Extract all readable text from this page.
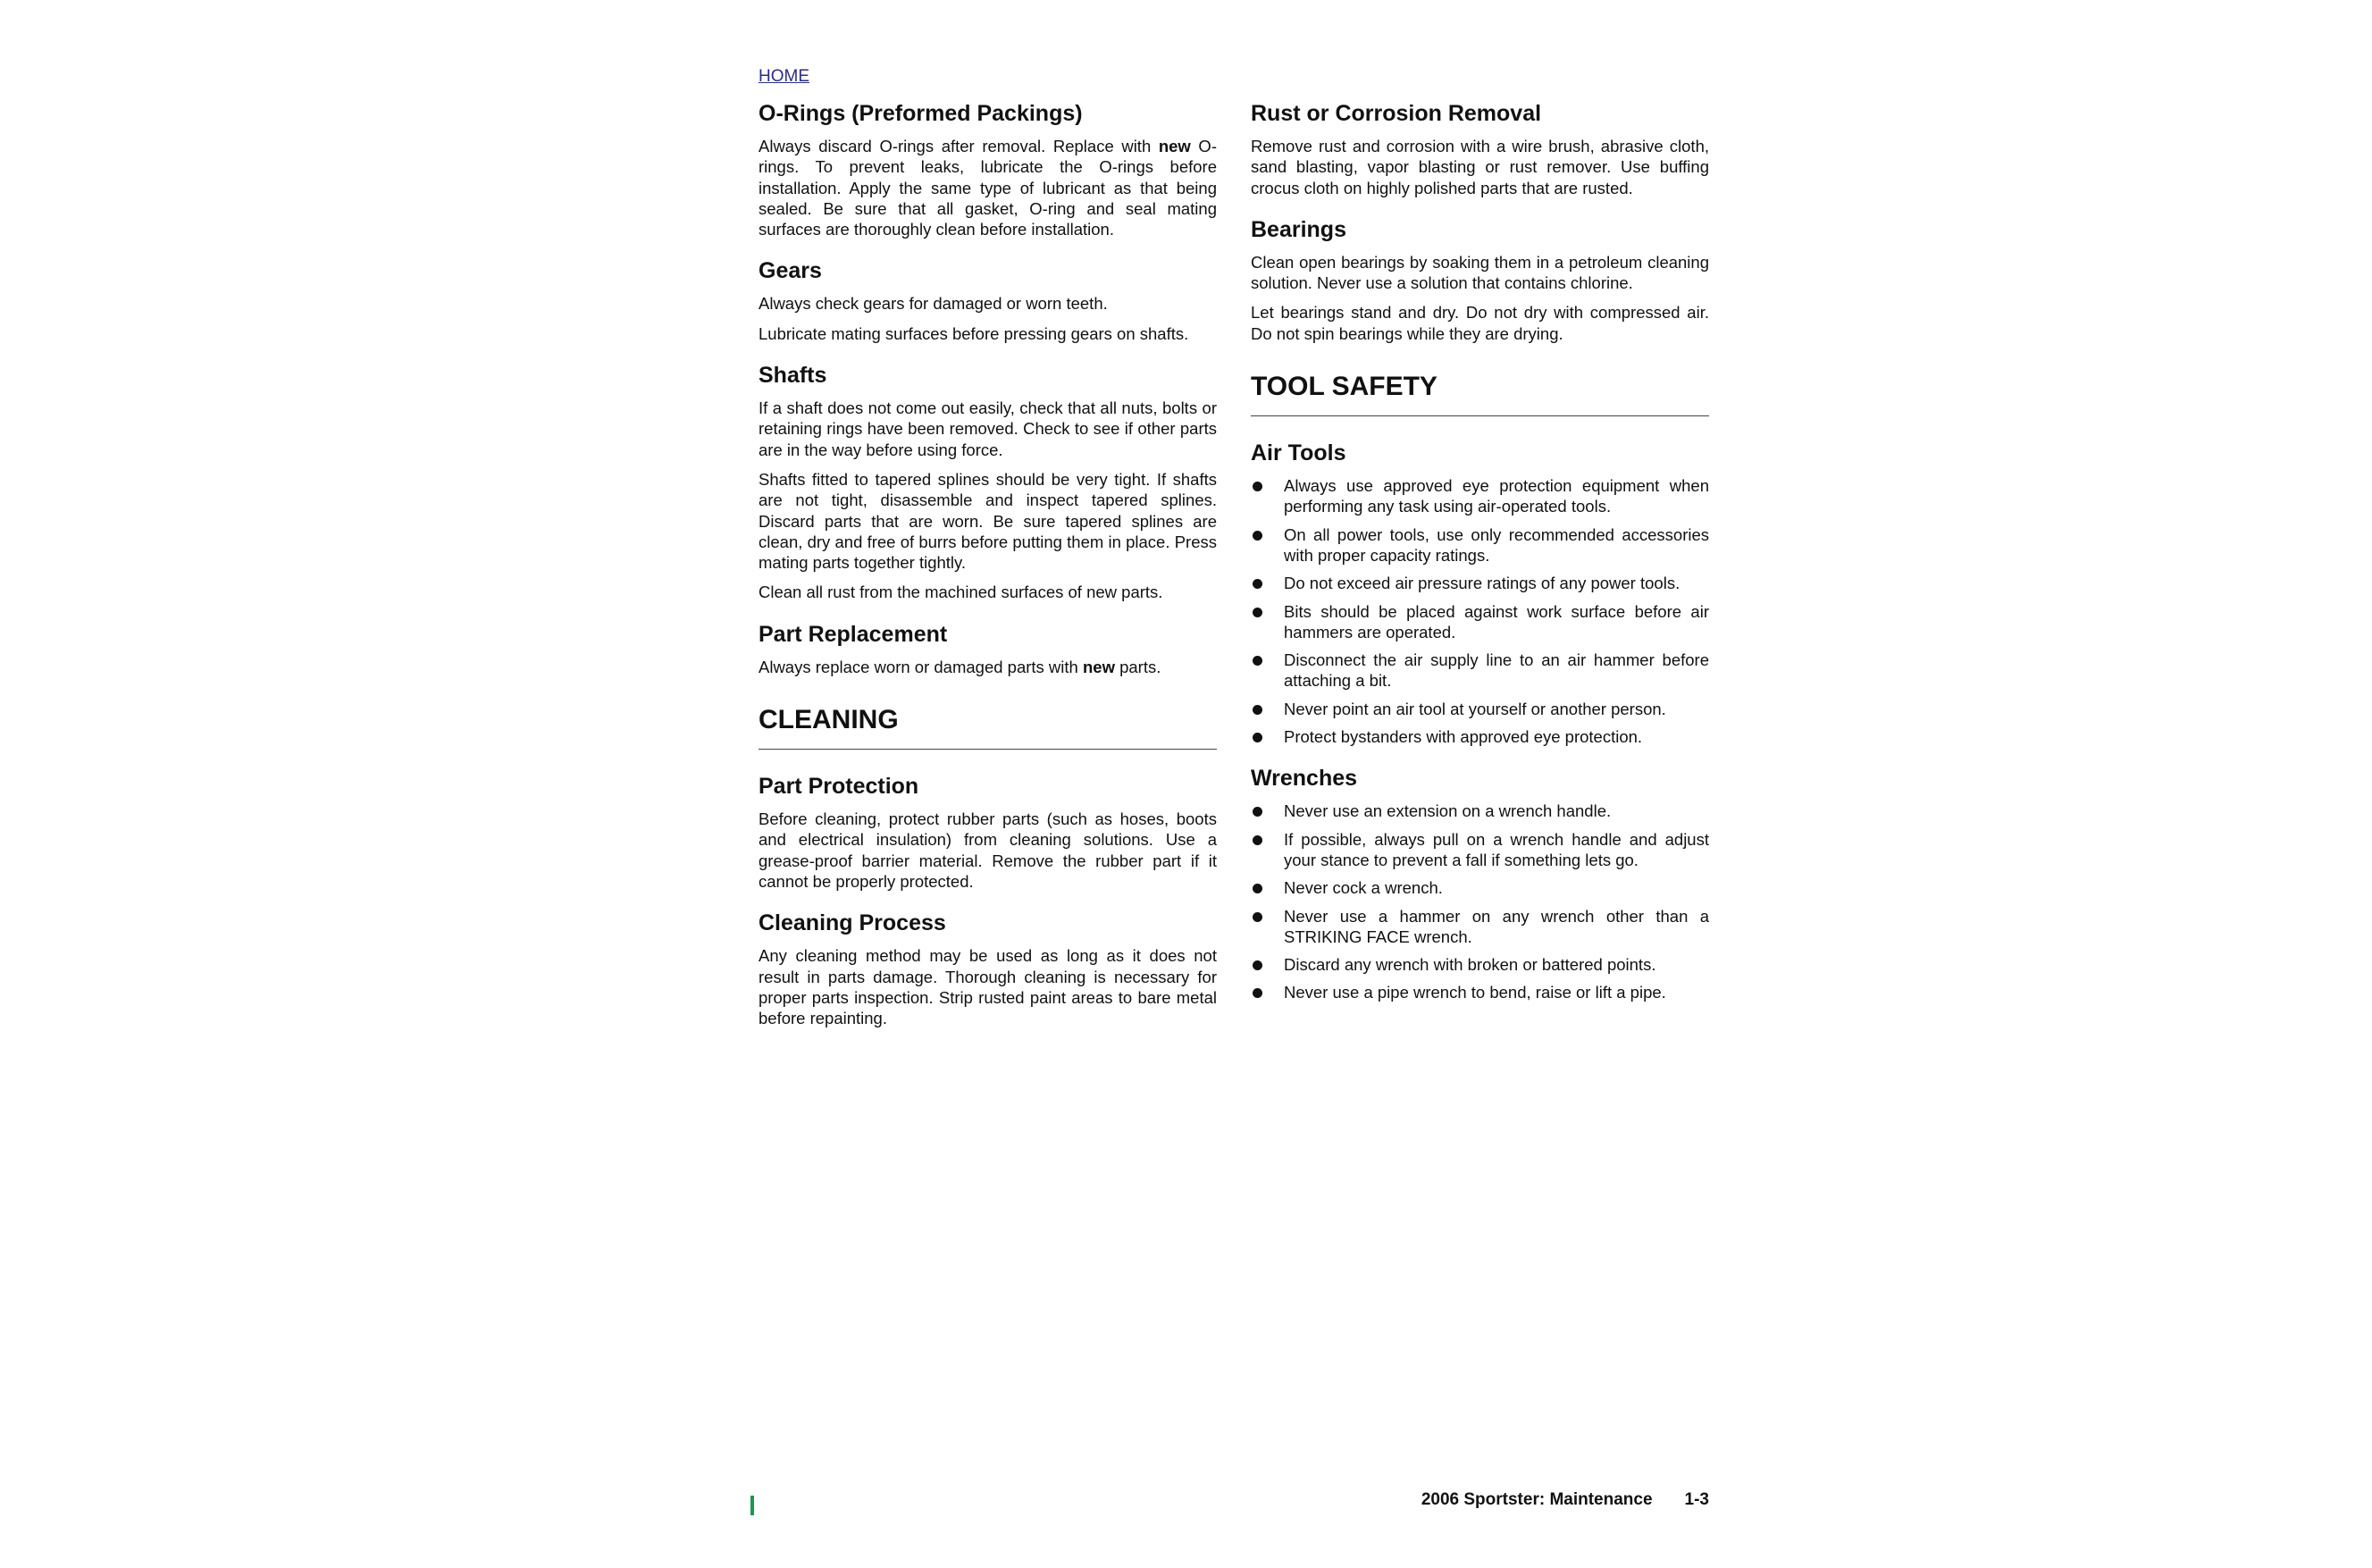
HOME
O-Rings (Preformed Packings)

Always discard O-rings after removal. Replace with new O-rings. To prevent leaks, lubricate the O-rings before installation. Apply the same type of lubricant as that being sealed. Be sure that all gasket, O-ring and seal mating surfaces are thoroughly clean before installation.

Gears

Always check gears for damaged or worn teeth.

Lubricate mating surfaces before pressing gears on shafts.

Shafts

If a shaft does not come out easily, check that all nuts, bolts or retaining rings have been removed. Check to see if other parts are in the way before using force.

Shafts fitted to tapered splines should be very tight. If shafts are not tight, disassemble and inspect tapered splines. Discard parts that are worn. Be sure tapered splines are clean, dry and free of burrs before putting them in place. Press mating parts together tightly.

Clean all rust from the machined surfaces of new parts.

Part Replacement

Always replace worn or damaged parts with new parts.

CLEANING
Part Protection

Before cleaning, protect rubber parts (such as hoses, boots and electrical insulation) from cleaning solutions. Use a grease-proof barrier material. Remove the rubber part if it cannot be properly protected.

Cleaning Process

Any cleaning method may be used as long as it does not result in parts damage. Thorough cleaning is necessary for proper parts inspection. Strip rusted paint areas to bare metal before repainting.

Rust or Corrosion Removal

Remove rust and corrosion with a wire brush, abrasive cloth, sand blasting, vapor blasting or rust remover. Use buffing crocus cloth on highly polished parts that are rusted.

Bearings

Clean open bearings by soaking them in a petroleum cleaning solution. Never use a solution that contains chlorine.

Let bearings stand and dry. Do not dry with compressed air. Do not spin bearings while they are drying.

TOOL SAFETY
Air Tools
Always use approved eye protection equipment when performing any task using air-operated tools.
On all power tools, use only recommended accessories with proper capacity ratings.
Do not exceed air pressure ratings of any power tools.
Bits should be placed against work surface before air hammers are operated.
Disconnect the air supply line to an air hammer before attaching a bit.
Never point an air tool at yourself or another person.
Protect bystanders with approved eye protection.
Wrenches
Never use an extension on a wrench handle.
If possible, always pull on a wrench handle and adjust your stance to prevent a fall if something lets go.
Never cock a wrench.
Never use a hammer on any wrench other than a STRIKING FACE wrench.
Discard any wrench with broken or battered points.
Never use a pipe wrench to bend, raise or lift a pipe.
2006 Sportster: Maintenance 1-3
